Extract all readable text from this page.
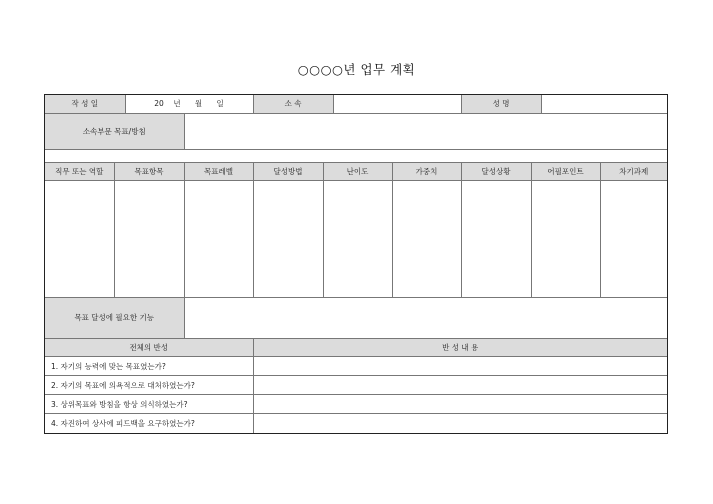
○○○○년 업무 계획
작 성 일	20 년 월 일	소 속		성 명	
소속부문 목표/방침	
직무 또는 역할	목표항목	목표레벨	달성방법	난이도	가중치	달성상황	어필포인트	차기과제

목표 달성에 필요한 기능	
전체의 반성	반 성 내 용
1. 자기의 능력에 맞는 목표였는가?	
2. 자기의 목표에 의욕적으로 대처하였는가?	
3. 상위목표와 방침을 항상 의식하였는가?	
4. 자진하여 상사에 피드백을 요구하였는가?	
